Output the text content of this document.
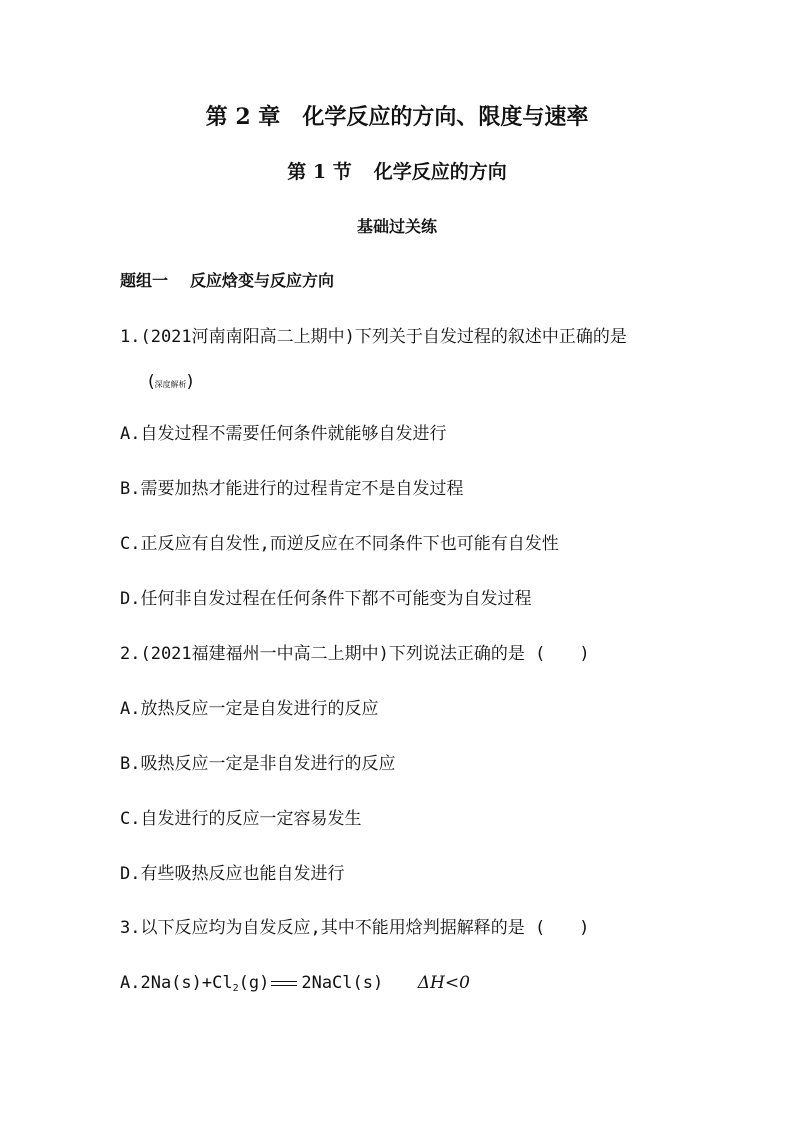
第 2 章 化学反应的方向、限度与速率
第 1 节 化学反应的方向
基础过关练
题组一 反应焓变与反应方向
1.(2021河南南阳高二上期中)下列关于自发过程的叙述中正确的是
(深度解析)
A.自发过程不需要任何条件就能够自发进行
B.需要加热才能进行的过程肯定不是自发过程
C.正反应有自发性,而逆反应在不同条件下也可能有自发性
D.任何非自发过程在任何条件下都不可能变为自发过程
2.(2021福建福州一中高二上期中)下列说法正确的是 (　　)
A.放热反应一定是自发进行的反应
B.吸热反应一定是非自发进行的反应
C.自发进行的反应一定容易发生
D.有些吸热反应也能自发进行
3.以下反应均为自发反应,其中不能用焓判据解释的是 (　　)
$A.2Na(s)+Cl_2(g)$ 2NaCl(s) ΔH<0
